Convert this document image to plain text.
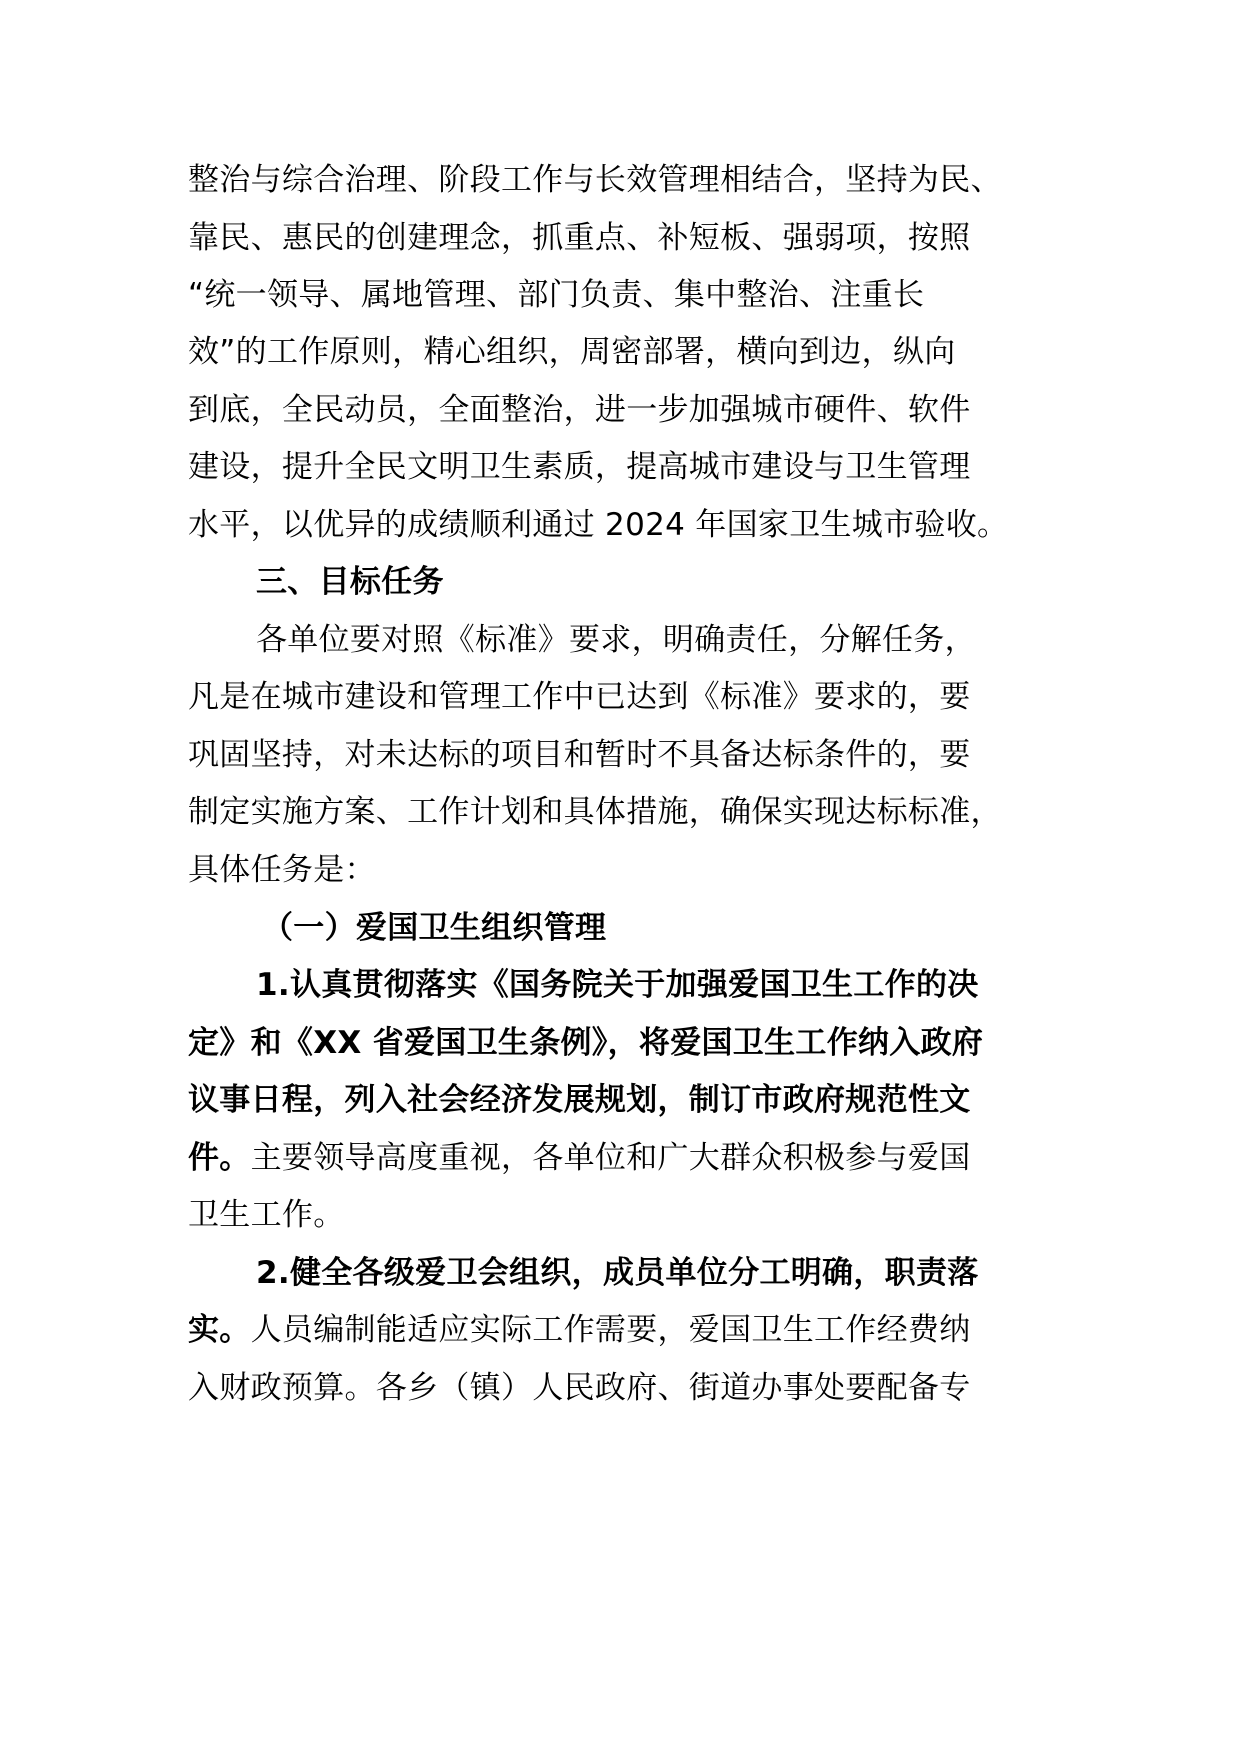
整治与综合治理、阶段工作与长效管理相结合，坚持为民、
靠民、惠民的创建理念，抓重点、补短板、强弱项，按照
“统一领导、属地管理、部门负责、集中整治、注重长
效”的工作原则，精心组织，周密部署，横向到边，纵向
到底，全民动员，全面整治，进一步加强城市硬件、软件
建设，提升全民文明卫生素质，提高城市建设与卫生管理
水平，以优异的成绩顺利通过 2024 年国家卫生城市验收。
三、目标任务
各单位要对照《标准》要求，明确责任，分解任务，
凡是在城市建设和管理工作中已达到《标准》要求的，要
巩固坚持，对未达标的项目和暂时不具备达标条件的，要
制定实施方案、工作计划和具体措施，确保实现达标标准，
具体任务是：
（一）爱国卫生组织管理
1.认真贯彻落实《国务院关于加强爱国卫生工作的决
定》和《XX 省爱国卫生条例》，将爱国卫生工作纳入政府
议事日程，列入社会经济发展规划，制订市政府规范性文
件。主要领导高度重视，各单位和广大群众积极参与爱国
卫生工作。
2.健全各级爱卫会组织，成员单位分工明确，职责落
实。人员编制能适应实际工作需要，爱国卫生工作经费纳
入财政预算。各乡（镇）人民政府、街道办事处要配备专
